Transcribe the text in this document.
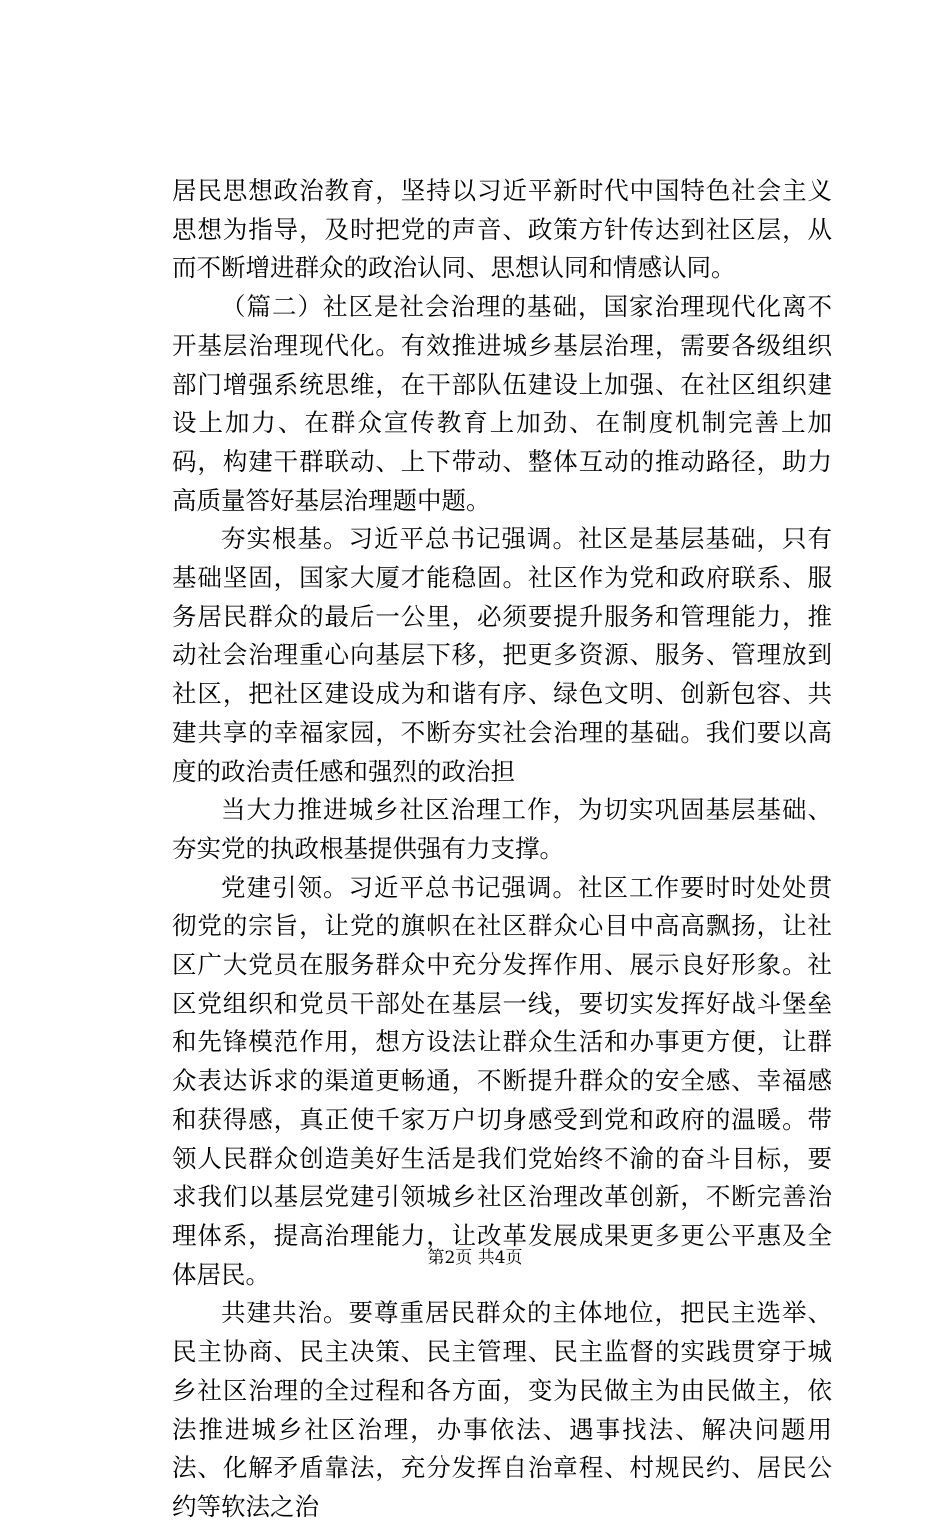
居民思想政治教育，坚持以习近平新时代中国特色社会主义思想为指导，及时把党的声音、政策方针传达到社区层，从而不断增进群众的政治认同、思想认同和情感认同。

（篇二）社区是社会治理的基础，国家治理现代化离不开基层治理现代化。有效推进城乡基层治理，需要各级组织部门增强系统思维，在干部队伍建设上加强、在社区组织建设上加力、在群众宣传教育上加劲、在制度机制完善上加码，构建干群联动、上下带动、整体互动的推动路径，助力高质量答好基层治理题中题。

夯实根基。习近平总书记强调。社区是基层基础，只有基础坚固，国家大厦才能稳固。社区作为党和政府联系、服务居民群众的最后一公里，必须要提升服务和管理能力，推动社会治理重心向基层下移，把更多资源、服务、管理放到社区，把社区建设成为和谐有序、绿色文明、创新包容、共建共享的幸福家园，不断夯实社会治理的基础。我们要以高度的政治责任感和强烈的政治担

当大力推进城乡社区治理工作，为切实巩固基层基础、夯实党的执政根基提供强有力支撑。

党建引领。习近平总书记强调。社区工作要时时处处贯彻党的宗旨，让党的旗帜在社区群众心目中高高飘扬，让社区广大党员在服务群众中充分发挥作用、展示良好形象。社区党组织和党员干部处在基层一线，要切实发挥好战斗堡垒和先锋模范作用，想方设法让群众生活和办事更方便，让群众表达诉求的渠道更畅通，不断提升群众的安全感、幸福感和获得感，真正使千家万户切身感受到党和政府的温暖。带领人民群众创造美好生活是我们党始终不渝的奋斗目标，要求我们以基层党建引领城乡社区治理改革创新，不断完善治理体系，提高治理能力，让改革发展成果更多更公平惠及全体居民。

共建共治。要尊重居民群众的主体地位，把民主选举、民主协商、民主决策、民主管理、民主监督的实践贯穿于城乡社区治理的全过程和各方面，变为民做主为由民做主，依法推进城乡社区治理，办事依法、遇事找法、解决问题用法、化解矛盾靠法，充分发挥自治章程、村规民约、居民公约等软法之治

第2页 共4页
